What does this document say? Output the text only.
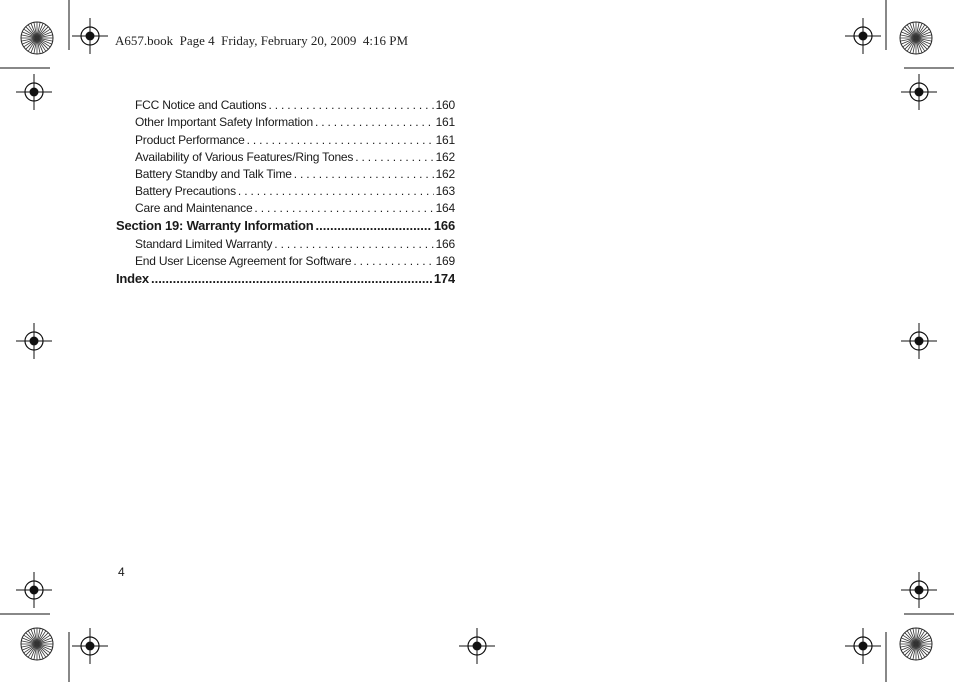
A657.book  Page 4  Friday, February 20, 2009  4:16 PM
FCC Notice and Cautions . . .	160
Other Important Safety Information . . .	161
Product Performance . . .	161
Availability of Various Features/Ring Tones . . .	162
Battery Standby and Talk Time . . .	162
Battery Precautions . . .	163
Care and Maintenance . . .	164
Section 19: Warranty Information .....	166
Standard Limited Warranty . . .	166
End User License Agreement for Software . . .	169
Index .....	174
4
